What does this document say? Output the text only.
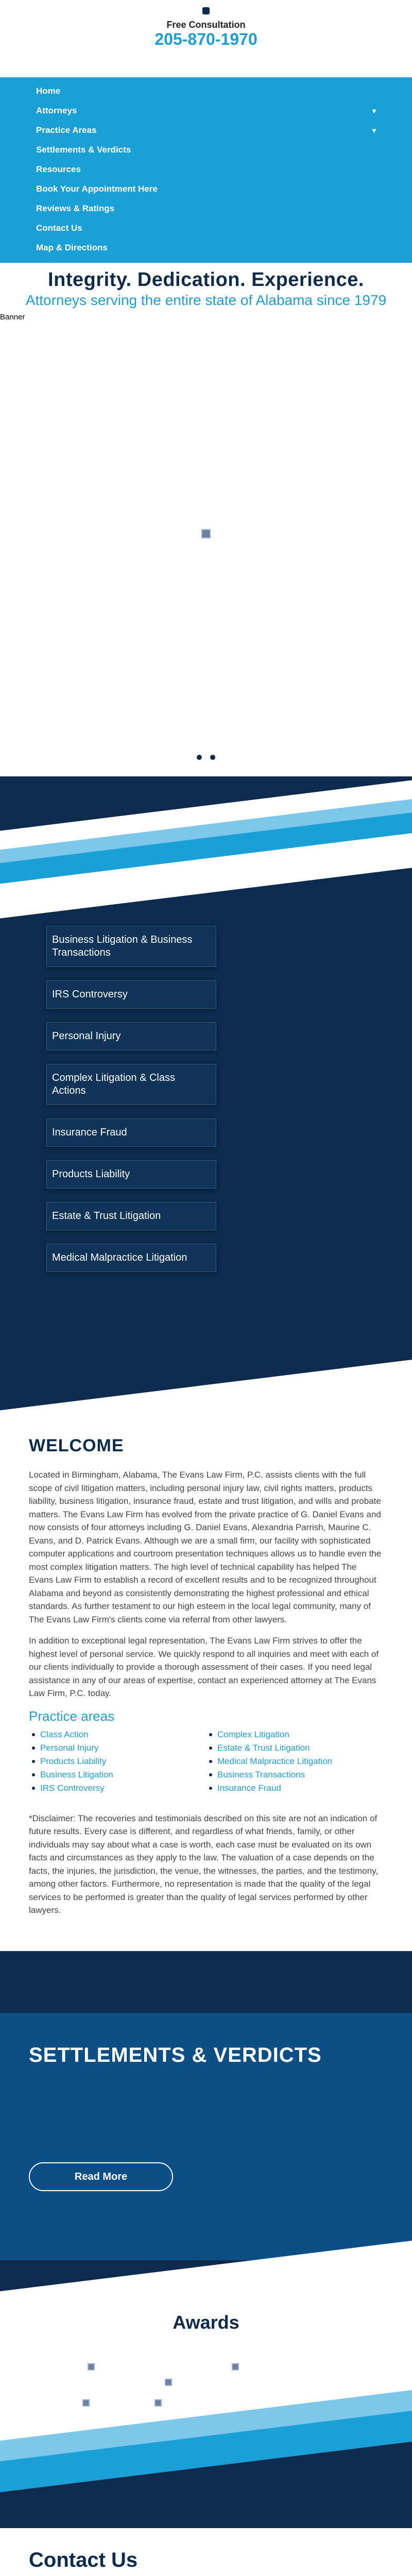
Free Consultation
205-870-1970
Home
Attorneys	▾
Practice Areas	▾
Settlements & Verdicts
Resources
Book Your Appointment Here
Reviews & Ratings
Contact Us
Map & Directions
Integrity. Dedication. Experience.

Attorneys serving the entire state of Alabama since 1979

Banner

Business Litigation & Business Transactions
IRS Controversy
Personal Injury
Complex Litigation & Class Actions
Insurance Fraud
Products Liability
Estate & Trust Litigation
Medical Malpractice Litigation
WELCOME

Located in Birmingham, Alabama, The Evans Law Firm, P.C. assists clients with the full scope of civil litigation matters, including personal injury law, civil rights matters, products liability, business litigation, insurance fraud, estate and trust litigation, and wills and probate matters. The Evans Law Firm has evolved from the private practice of G. Daniel Evans and now consists of four attorneys including G. Daniel Evans, Alexandria Parrish, Maurine C. Evans, and D. Patrick Evans. Although we are a small firm, our facility with sophisticated computer applications and courtroom presentation techniques allows us to handle even the most complex litigation matters. The high level of technical capability has helped The Evans Law Firm to establish a record of excellent results and to be recognized throughout Alabama and beyond as consistently demonstrating the highest professional and ethical standards. As further testament to our high esteem in the local legal community, many of The Evans Law Firm's clients come via referral from other lawyers.

In addition to exceptional legal representation, The Evans Law Firm strives to offer the highest level of personal service. We quickly respond to all inquiries and meet with each of our clients individually to provide a thorough assessment of their cases. If you need legal assistance in any of our areas of expertise, contact an experienced attorney at The Evans Law Firm, P.C. today.

Practice areas
Class Action
Personal Injury
Products Liability
Business Litigation
IRS Controversy
Complex Litigation
Estate & Trust Litigation
Medical Malpractice Litigation
Business Transactions
Insurance Fraud

*Disclaimer: The recoveries and testimonials described on this site are not an indication of future results. Every case is different, and regardless of what friends, family, or other individuals may say about what a case is worth, each case must be evaluated on its own facts and circumstances as they apply to the law. The valuation of a case depends on the facts, the injuries, the jurisdiction, the venue, the witnesses, the parties, and the testimony, among other factors. Furthermore, no representation is made that the quality of the legal services to be performed is greater than the quality of legal services performed by other lawyers.

SETTLEMENTS & VERDICTS
Read More
Awards
Contact Us
